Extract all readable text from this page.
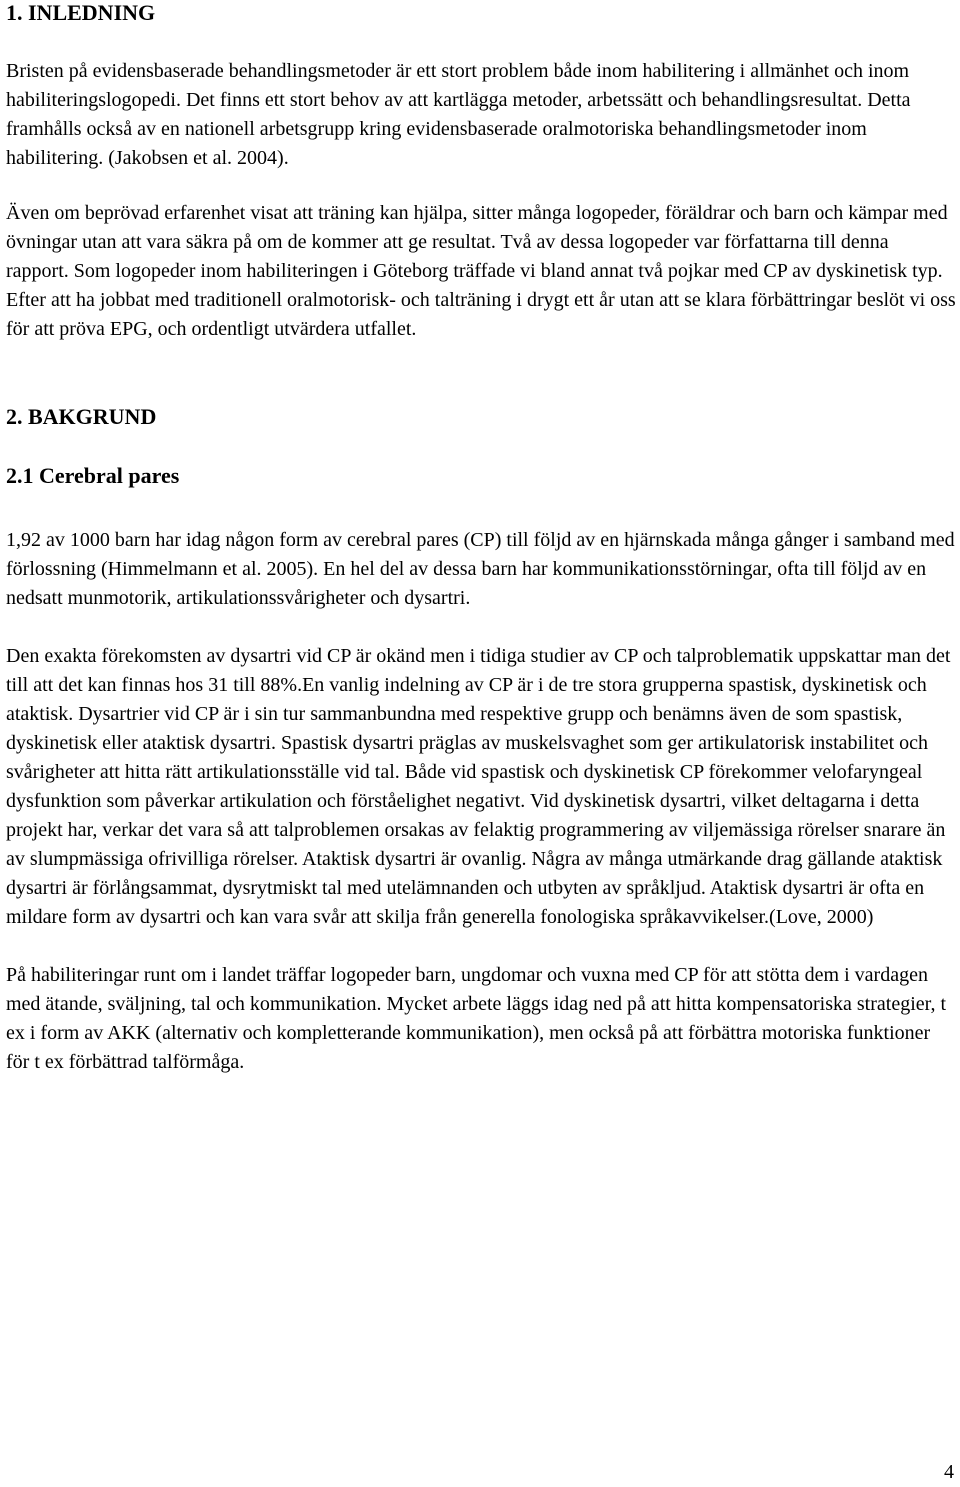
1. INLEDNING

Bristen på evidensbaserade behandlingsmetoder är ett stort problem både inom habilitering i allmänhet och inom habiliteringslogopedi. Det finns ett stort behov av att kartlägga metoder, arbetssätt och behandlingsresultat. Detta framhålls också av en nationell arbetsgrupp kring evidensbaserade oralmotoriska behandlingsmetoder inom habilitering. (Jakobsen et al. 2004).

Även om beprövad erfarenhet visat att träning kan hjälpa, sitter många logopeder, föräldrar och barn och kämpar med övningar utan att vara säkra på om de kommer att ge resultat. Två av dessa logopeder var författarna till denna rapport. Som logopeder inom habiliteringen i Göteborg träffade vi bland annat två pojkar med CP av dyskinetisk typ. Efter att ha jobbat med traditionell oralmotorisk- och talträning i drygt ett år utan att se klara förbättringar beslöt vi oss för att pröva EPG, och ordentligt utvärdera utfallet.

2. BAKGRUND
2.1 Cerebral pares

1,92 av 1000 barn har idag någon form av cerebral pares (CP) till följd av en hjärnskada många gånger i samband med förlossning (Himmelmann et al. 2005). En hel del av dessa barn har kommunikationsstörningar, ofta till följd av en nedsatt munmotorik, artikulationssvårigheter och dysartri.

Den exakta förekomsten av dysartri vid CP är okänd men i tidiga studier av CP och talproblematik uppskattar man det till att det kan finnas hos 31 till 88%.En vanlig indelning av CP är i de tre stora grupperna spastisk, dyskinetisk och ataktisk. Dysartrier vid CP är i sin tur sammanbundna med respektive grupp och benämns även de som spastisk, dyskinetisk eller ataktisk dysartri. Spastisk dysartri präglas av muskelsvaghet som ger artikulatorisk instabilitet och svårigheter att hitta rätt artikulationsställe vid tal. Både vid spastisk och dyskinetisk CP förekommer velofaryngeal dysfunktion som påverkar artikulation och förståelighet negativt. Vid dyskinetisk dysartri, vilket deltagarna i detta projekt har, verkar det vara så att talproblemen orsakas av felaktig programmering av viljemässiga rörelser snarare än av slumpmässiga ofrivilliga rörelser. Ataktisk dysartri är ovanlig. Några av många utmärkande drag gällande ataktisk dysartri är förlångsammat, dysrytmiskt tal med utelämnanden och utbyten av språkljud. Ataktisk dysartri är ofta en mildare form av dysartri och kan vara svår att skilja från generella fonologiska språkavvikelser.(Love, 2000)

På habiliteringar runt om i landet träffar logopeder barn, ungdomar och vuxna med CP för att stötta dem i vardagen med ätande, sväljning, tal och kommunikation. Mycket arbete läggs idag ned på att hitta kompensatoriska strategier, t ex i form av AKK (alternativ och kompletterande kommunikation), men också på att förbättra motoriska funktioner för t ex förbättrad talförmåga.

4
